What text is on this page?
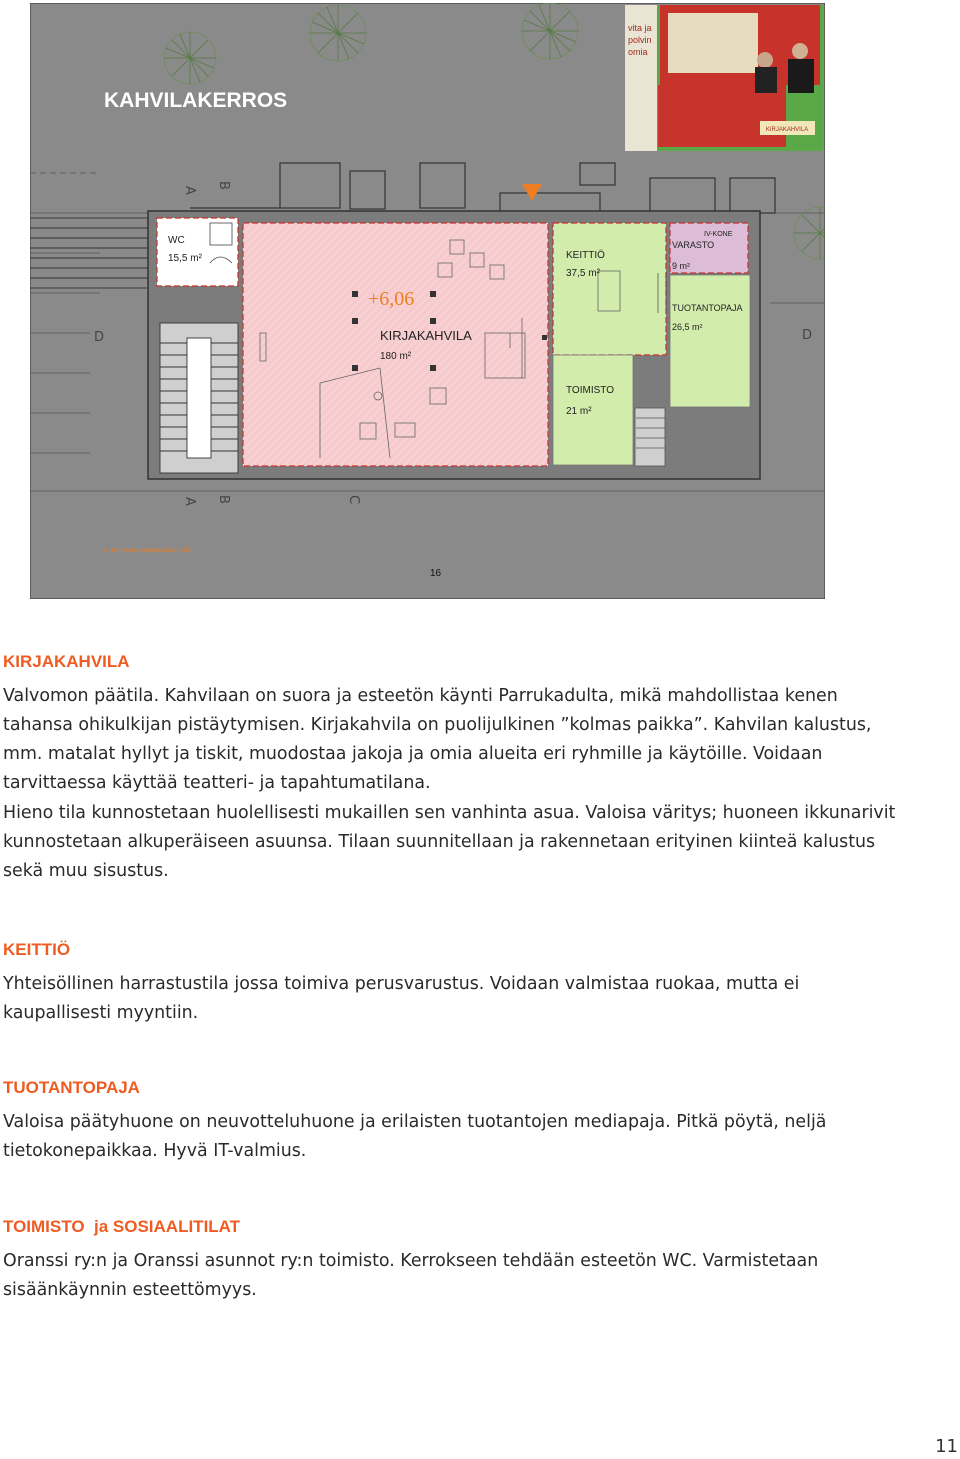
A
B
A B	C
D	D
WC
15,5 m²
+6,06
KIRJAKAHVILA
180 m²
KEITTIÖ
37,5 m²
IV-KONE
VARASTO
9 m²
TUOTANTOPAJA
26,5 m²
TOIMISTO
21 m²
KAHVILAKERROS
KIRJAKAHVILA
vita ja
polvin
omia
2. kerroksen pohjapiirustus 1:100
16
KIRJAKAHVILA

Valvomon päätila. Kahvilaan on suora ja esteetön käynti Parrukadulta, mikä mahdollistaa kenen tahansa ohikulkijan pistäytymisen. Kirjakahvila on puolijulkinen ”kolmas paikka”. Kahvilan kalustus, mm. matalat hyllyt ja tiskit, muodostaa jakoja ja omia alueita eri ryhmille ja käytöille. Voidaan tarvittaessa käyttää teatteri- ja tapahtumatilana.

Hieno tila kunnostetaan huolellisesti mukaillen sen vanhinta asua. Valoisa väritys; huoneen ikkunarivit kunnostetaan alkuperäiseen asuunsa. Tilaan suunnitellaan ja rakennetaan erityinen kiinteä kalustus sekä muu sisustus.

KEITTIÖ

Yhteisöllinen harrastustila jossa toimiva perusvarustus. Voidaan valmistaa ruokaa, mutta ei kaupallisesti myyntiin.

TUOTANTOPAJA

Valoisa päätyhuone on neuvotteluhuone ja erilaisten tuotantojen mediapaja. Pitkä pöytä, neljä tietokonepaikkaa. Hyvä IT-valmius.

TOIMISTO  ja SOSIAALITILAT

Oranssi ry:n ja Oranssi asunnot ry:n toimisto. Kerrokseen tehdään esteetön WC. Varmistetaan sisäänkäynnin esteettömyys.

11
